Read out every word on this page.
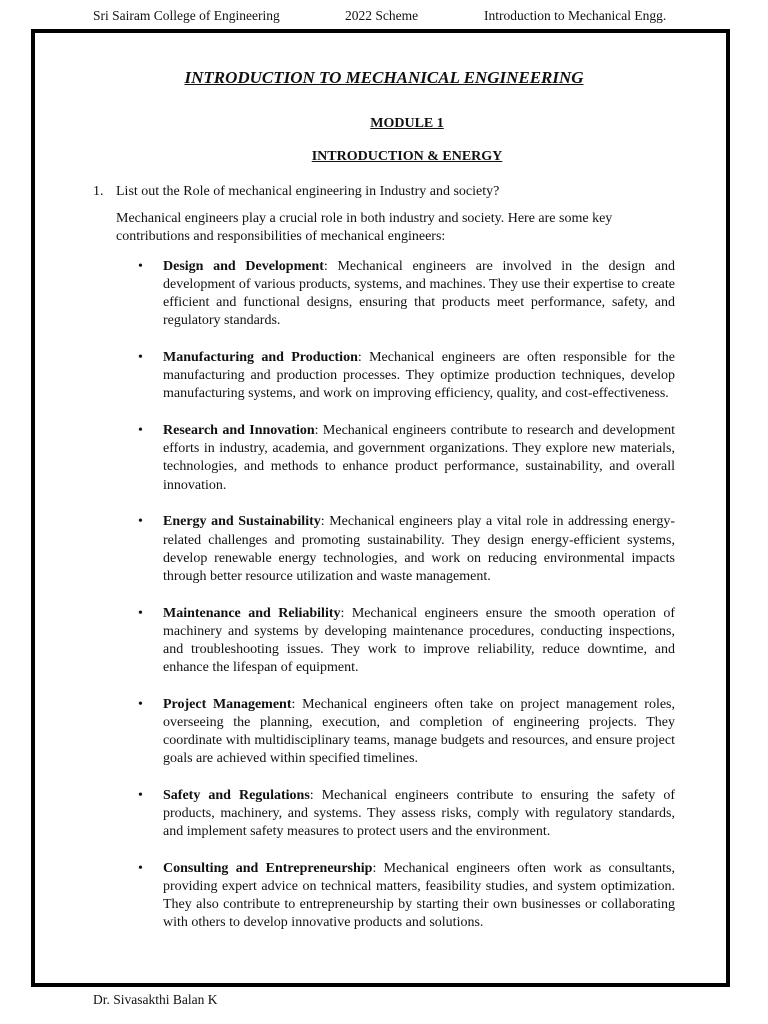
Sri Sairam College of Engineering	2022 Scheme	Introduction to Mechanical Engg.
INTRODUCTION TO MECHANICAL ENGINEERING
MODULE 1
INTRODUCTION & ENERGY
1. List out the Role of mechanical engineering in Industry and society?
Mechanical engineers play a crucial role in both industry and society. Here are some key contributions and responsibilities of mechanical engineers:
• Design and Development: Mechanical engineers are involved in the design and development of various products, systems, and machines. They use their expertise to create efficient and functional designs, ensuring that products meet performance, safety, and regulatory standards.
• Manufacturing and Production: Mechanical engineers are often responsible for the manufacturing and production processes. They optimize production techniques, develop manufacturing systems, and work on improving efficiency, quality, and cost-effectiveness.
• Research and Innovation: Mechanical engineers contribute to research and development efforts in industry, academia, and government organizations. They explore new materials, technologies, and methods to enhance product performance, sustainability, and overall innovation.
• Energy and Sustainability: Mechanical engineers play a vital role in addressing energy-related challenges and promoting sustainability. They design energy-efficient systems, develop renewable energy technologies, and work on reducing environmental impacts through better resource utilization and waste management.
• Maintenance and Reliability: Mechanical engineers ensure the smooth operation of machinery and systems by developing maintenance procedures, conducting inspections, and troubleshooting issues. They work to improve reliability, reduce downtime, and enhance the lifespan of equipment.
• Project Management: Mechanical engineers often take on project management roles, overseeing the planning, execution, and completion of engineering projects. They coordinate with multidisciplinary teams, manage budgets and resources, and ensure project goals are achieved within specified timelines.
• Safety and Regulations: Mechanical engineers contribute to ensuring the safety of products, machinery, and systems. They assess risks, comply with regulatory standards, and implement safety measures to protect users and the environment.
• Consulting and Entrepreneurship: Mechanical engineers often work as consultants, providing expert advice on technical matters, feasibility studies, and system optimization. They also contribute to entrepreneurship by starting their own businesses or collaborating with others to develop innovative products and solutions.
Dr. Sivasakthi Balan K
